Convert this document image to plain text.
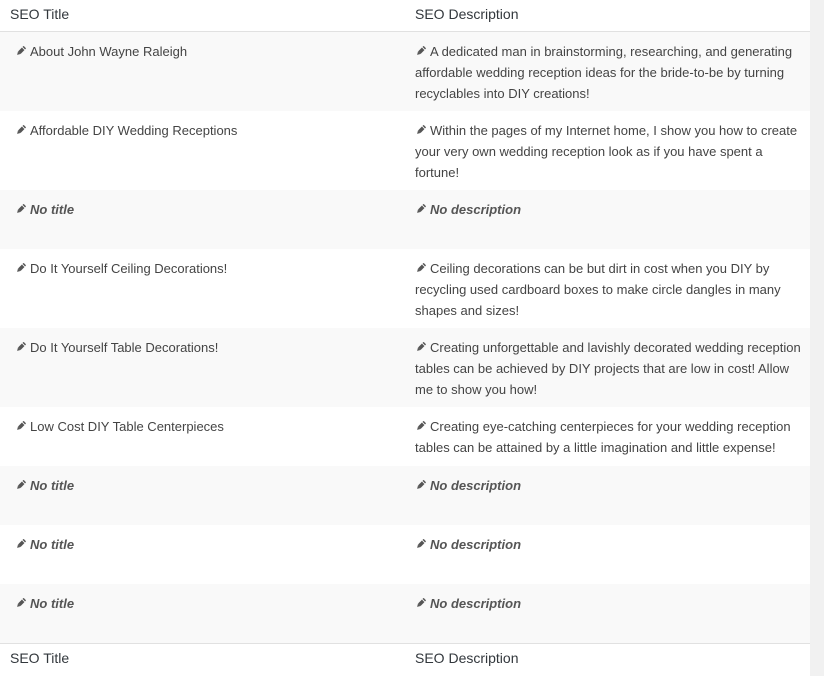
SEO Title	SEO Description
About John Wayne Raleigh	A dedicated man in brainstorming, researching, and generating affordable wedding reception ideas for the bride-to-be by turning recyclables into DIY creations!
Affordable DIY Wedding Receptions	Within the pages of my Internet home, I show you how to create your very own wedding reception look as if you have spent a fortune!
No title	No description
Do It Yourself Ceiling Decorations!	Ceiling decorations can be but dirt in cost when you DIY by recycling used cardboard boxes to make circle dangles in many shapes and sizes!
Do It Yourself Table Decorations!	Creating unforgettable and lavishly decorated wedding reception tables can be achieved by DIY projects that are low in cost! Allow me to show you how!
Low Cost DIY Table Centerpieces	Creating eye-catching centerpieces for your wedding reception tables can be attained by a little imagination and little expense!
No title	No description
No title	No description
No title	No description
SEO Title	SEO Description
